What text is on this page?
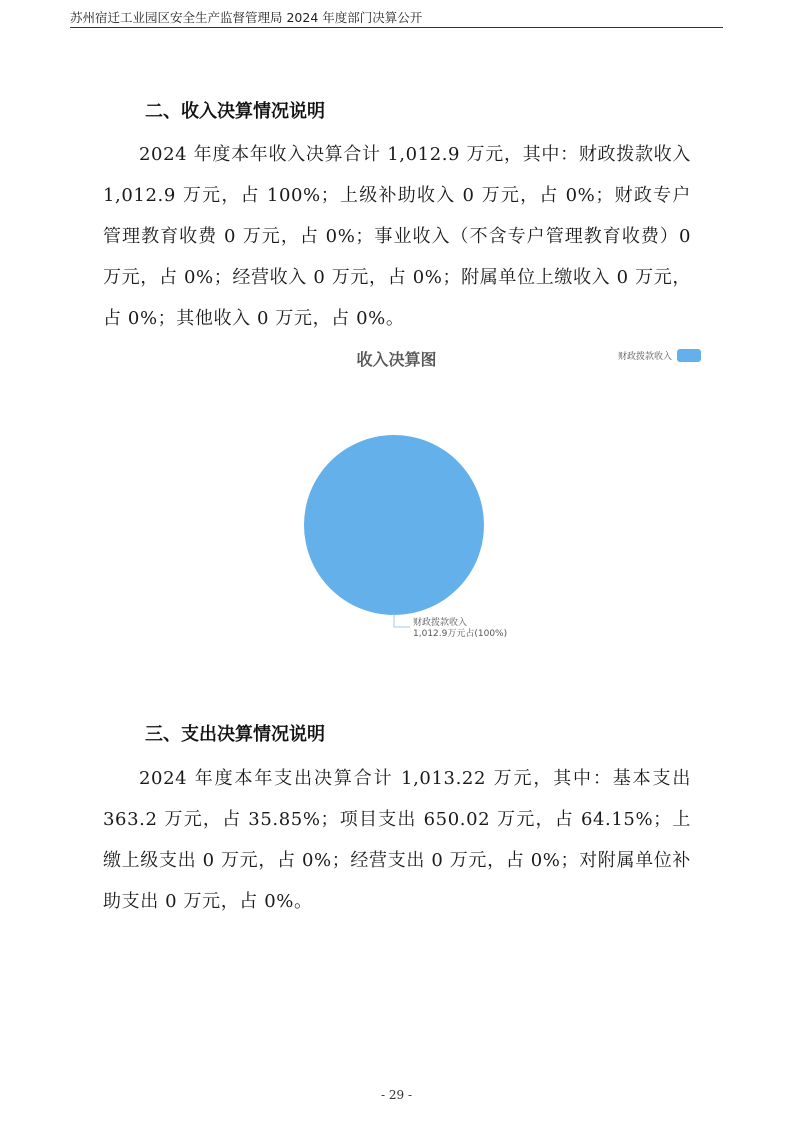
苏州宿迁工业园区安全生产监督管理局 2024 年度部门决算公开
二、收入决算情况说明

2024 年度本年收入决算合计 1,012.9 万元，其中：财政拨款收入 1,012.9 万元，占 100%；上级补助收入 0 万元，占 0%；财政专户管理教育收费 0 万元，占 0%；事业收入（不含专户管理教育收费）0 万元，占 0%；经营收入 0 万元，占 0%；附属单位上缴收入 0 万元，占 0%；其他收入 0 万元，占 0%。

收入决算图	财政拨款收入
财政拨款收入
1,012.9万元占(100%)
三、支出决算情况说明

2024 年度本年支出决算合计 1,013.22 万元，其中：基本支出 363.2 万元，占 35.85%；项目支出 650.02 万元，占 64.15%；上缴上级支出 0 万元，占 0%；经营支出 0 万元，占 0%；对附属单位补助支出 0 万元，占 0%。

- 29 -
